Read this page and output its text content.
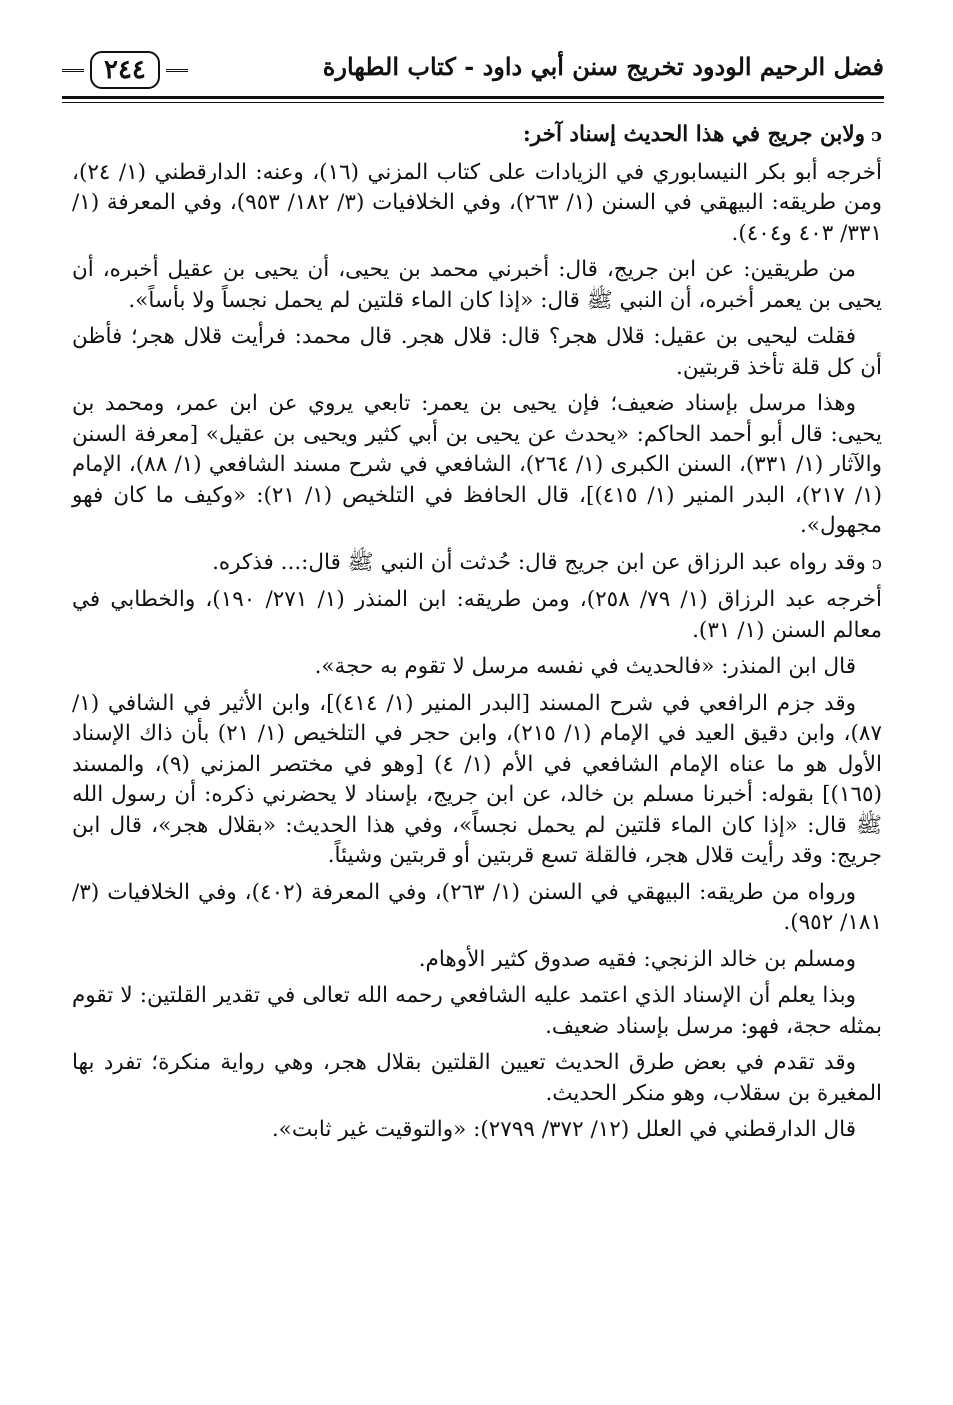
فضل الرحيم الودود تخريج سنن أبي داود - كتاب الطهارة
٢٤٤

ᴐولابن جريج في هذا الحديث إسناد آخر:

أخرجه أبو بكر النيسابوري في الزيادات على كتاب المزني (١٦)، وعنه: الدارقطني (١/ ٢٤)، ومن طريقه: البيهقي في السنن (١/ ٢٦٣)، وفي الخلافيات (٣/ ١٨٢/ ٩٥٣)، وفي المعرفة (١/ ٣٣١/ ٤٠٣ و٤٠٤).

من طريقين: عن ابن جريج، قال: أخبرني محمد بن يحيى، أن يحيى بن عقيل أخبره، أن يحيى بن يعمر أخبره، أن النبي ﷺ قال: «إذا كان الماء قلتين لم يحمل نجساً ولا بأساً».

فقلت ليحيى بن عقيل: قلال هجر؟ قال: قلال هجر. قال محمد: فرأيت قلال هجر؛ فأظن أن كل قلة تأخذ قربتين.

وهذا مرسل بإسناد ضعيف؛ فإن يحيى بن يعمر: تابعي يروي عن ابن عمر، ومحمد بن يحيى: قال أبو أحمد الحاكم: «يحدث عن يحيى بن أبي كثير ويحيى بن عقيل» [معرفة السنن والآثار (١/ ٣٣١)، السنن الكبرى (١/ ٢٦٤)، الشافعي في شرح مسند الشافعي (١/ ٨٨)، الإمام (١/ ٢١٧)، البدر المنير (١/ ٤١٥)]، قال الحافظ في التلخيص (١/ ٢١): «وكيف ما كان فهو مجهول».

ᴐوقد رواه عبد الرزاق عن ابن جريج قال: حُدثت أن النبي ﷺ قال:... فذكره.

أخرجه عبد الرزاق (١/ ٧٩/ ٢٥٨)، ومن طريقه: ابن المنذر (١/ ٢٧١/ ١٩٠)، والخطابي في معالم السنن (١/ ٣١).

قال ابن المنذر: «فالحديث في نفسه مرسل لا تقوم به حجة».

وقد جزم الرافعي في شرح المسند [البدر المنير (١/ ٤١٤)]، وابن الأثير في الشافي (١/ ٨٧)، وابن دقيق العيد في الإمام (١/ ٢١٥)، وابن حجر في التلخيص (١/ ٢١) بأن ذاك الإسناد الأول هو ما عناه الإمام الشافعي في الأم (١/ ٤) [وهو في مختصر المزني (٩)، والمسند (١٦٥)] بقوله: أخبرنا مسلم بن خالد، عن ابن جريج، بإسناد لا يحضرني ذكره: أن رسول الله ﷺ قال: «إذا كان الماء قلتين لم يحمل نجساً»، وفي هذا الحديث: «بقلال هجر»، قال ابن جريج: وقد رأيت قلال هجر، فالقلة تسع قربتين أو قربتين وشيئاً.

ورواه من طريقه: البيهقي في السنن (١/ ٢٦٣)، وفي المعرفة (٤٠٢)، وفي الخلافيات (٣/ ١٨١/ ٩٥٢).

ومسلم بن خالد الزنجي: فقيه صدوق كثير الأوهام.

وبذا يعلم أن الإسناد الذي اعتمد عليه الشافعي رحمه الله تعالى في تقدير القلتين: لا تقوم بمثله حجة، فهو: مرسل بإسناد ضعيف.

وقد تقدم في بعض طرق الحديث تعيين القلتين بقلال هجر، وهي رواية منكرة؛ تفرد بها المغيرة بن سقلاب، وهو منكر الحديث.

قال الدارقطني في العلل (١٢/ ٣٧٢/ ٢٧٩٩): «والتوقيت غير ثابت».
